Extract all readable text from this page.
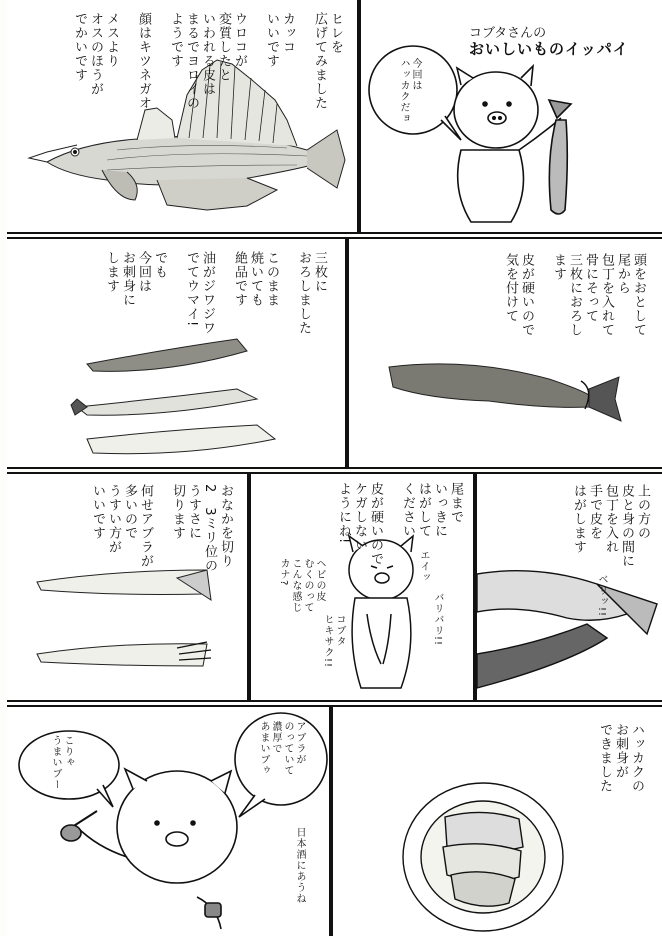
ヒレを
広げてみました

カッコ
いいです

ウロコが
変質したと
いわれる皮は
まるでヨロイの
ようです

顔はキツネガオ

メスより
オスのほうが
でかいです	コブタさんの
おいしいものイッパイ
今回は
ハッカクだョ
三枚に
おろしました

このまま
焼いても
絶品です

油がジワジワ
でてウマイ!

でも
今回は
お刺身に
します	頭をおとして
尾から
包丁を入れて
骨にそって
三枚におろし
ます

皮が硬いので
気を付けて
おなかを切り
2　3ミリ位の
うすさに
切ります

何せアブラが
多いので
うすい方が
いいです	尾まで
いっきに
はがして
ください

皮が硬いので
ケガしない
ようにね!
ヘビの皮
むくのって
こんな感じ
カナ?	エイッ
バリバリ!!
コブタ
ヒキサク!!
上の方の
皮と身の間に
包丁を入れ
手で皮を
はがします
ベリッ!!
こりゃ
うまいブー	アブラが
のっていて
濃厚で
あまいブゥ
日本酒にあうね
ハッカクの
お刺身が
できました
